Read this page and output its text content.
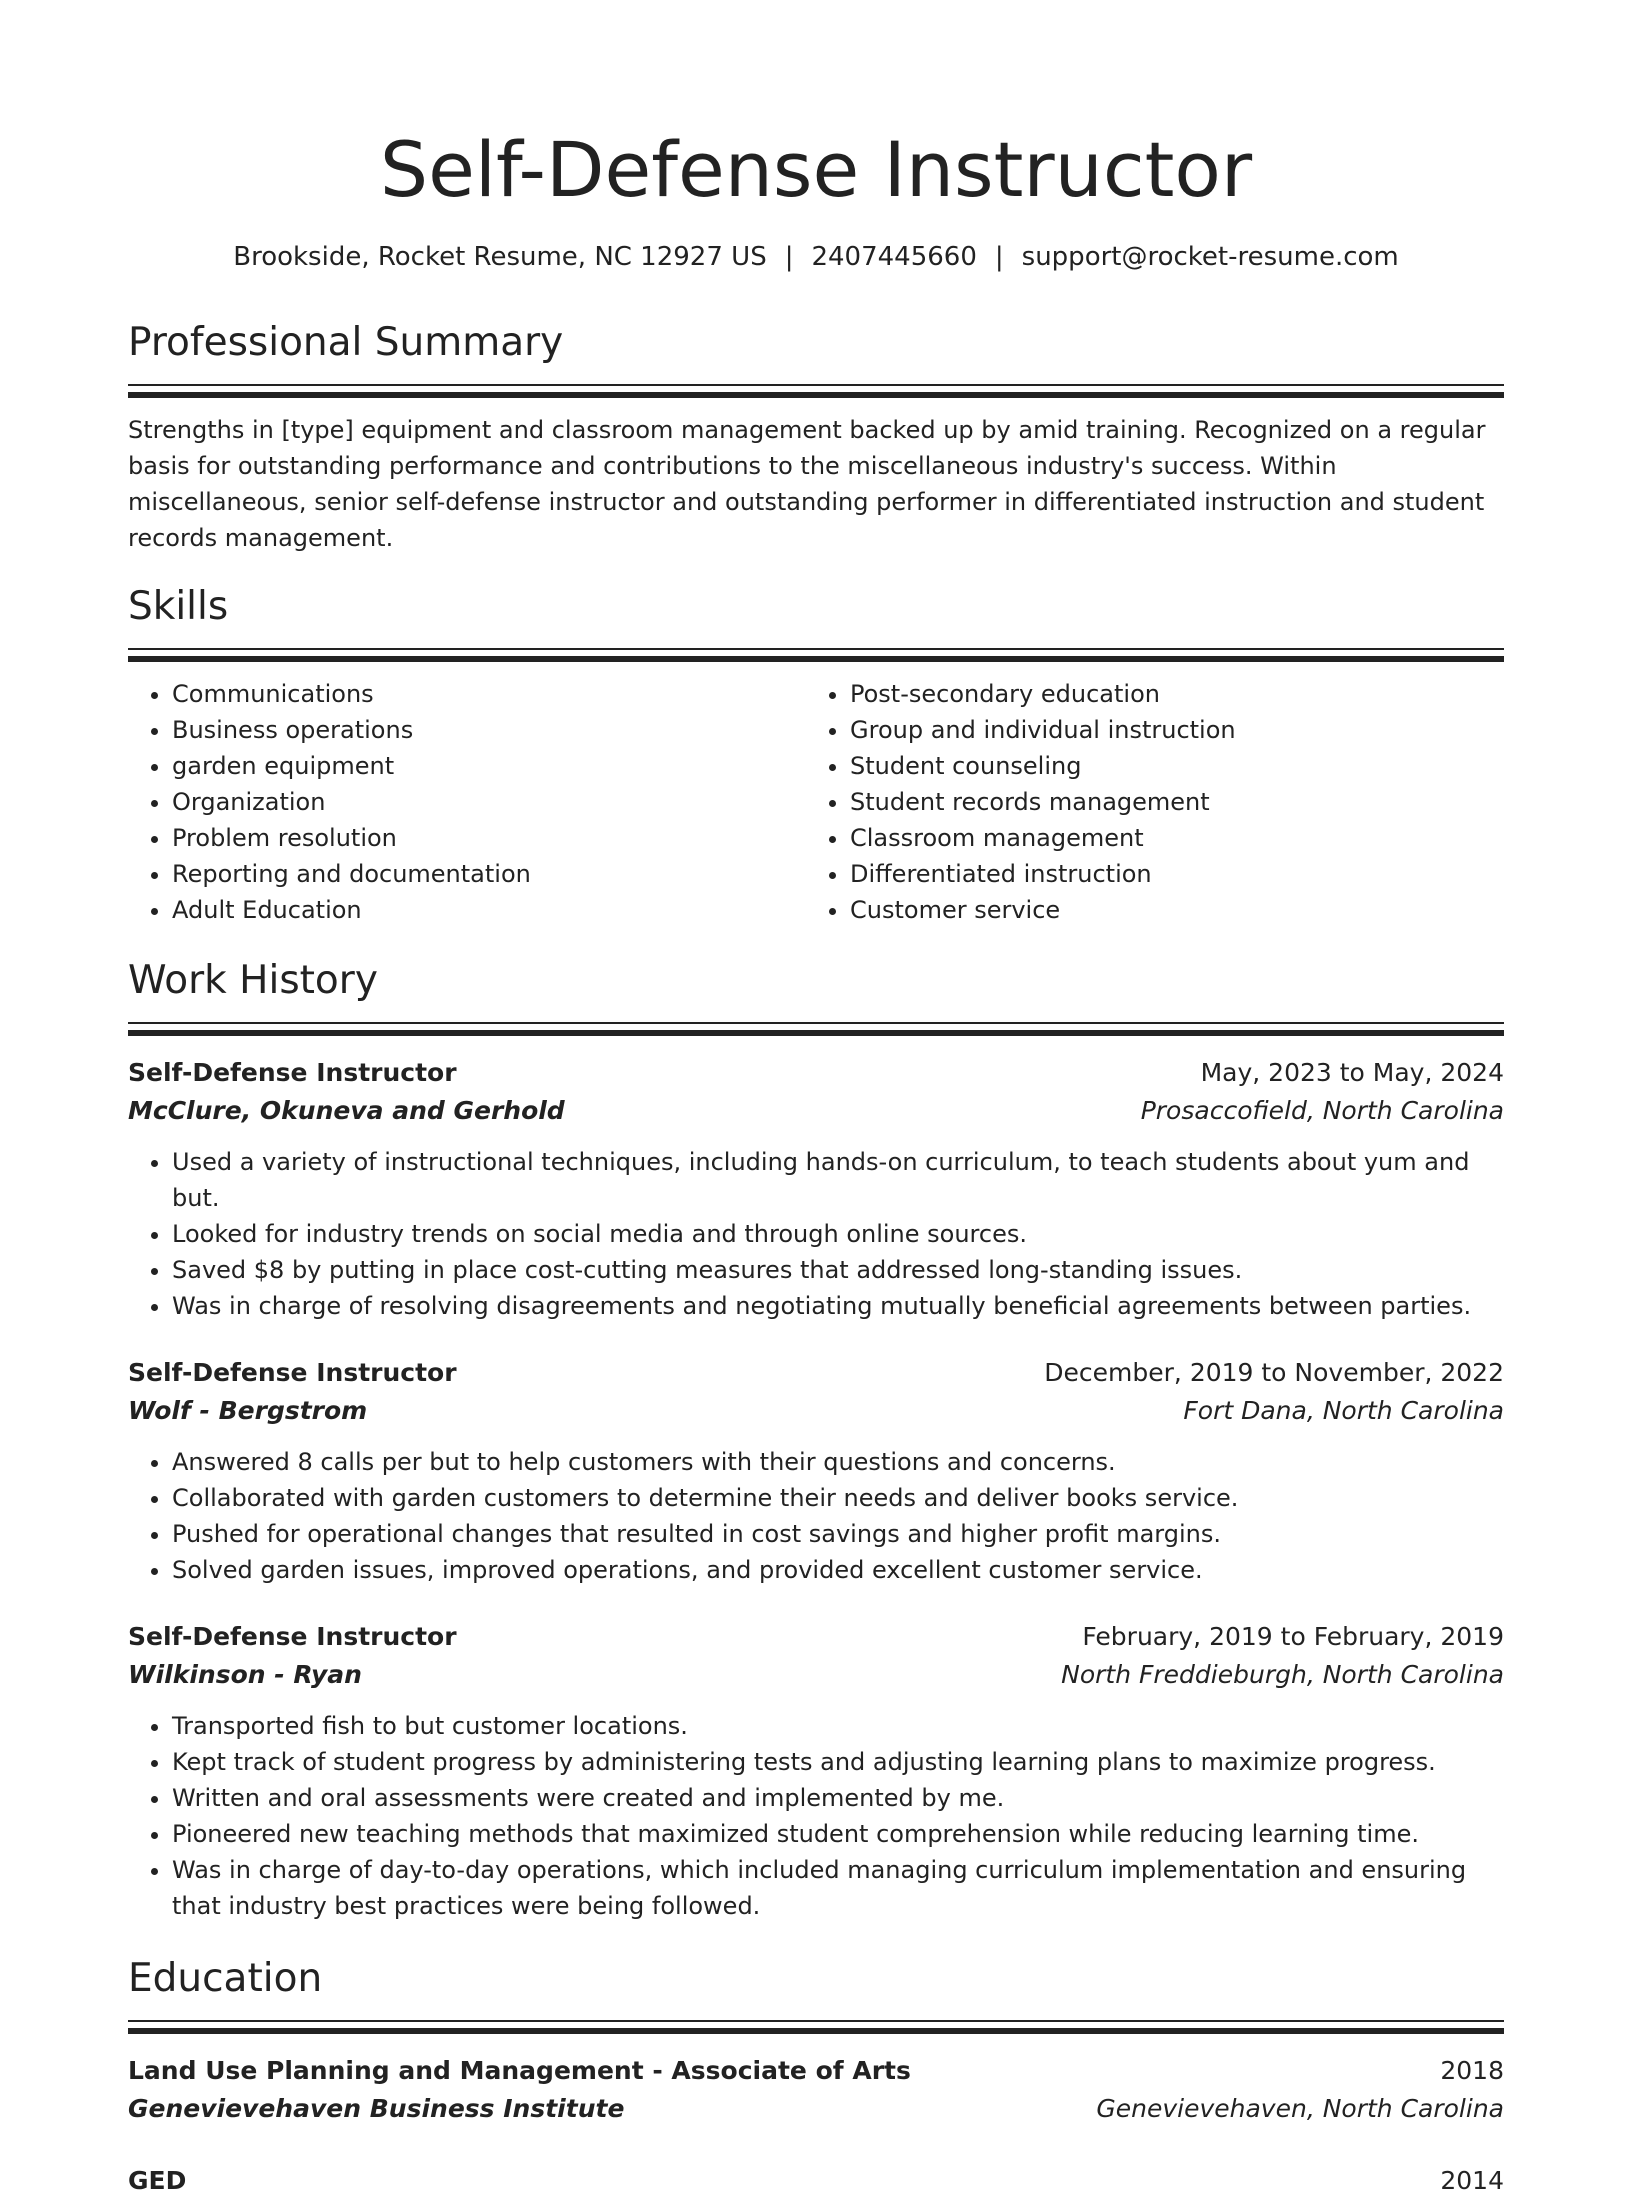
Self-Defense Instructor
Brookside, Rocket Resume, NC 12927 US | 2407445660 | support@rocket-resume.com
Professional Summary

Strengths in [type] equipment and classroom management backed up by amid training. Recognized on a regular basis for outstanding performance and contributions to the miscellaneous industry's success. Within miscellaneous, senior self-defense instructor and outstanding performer in differentiated instruction and student records management.

Skills
• Communications
• Business operations
• garden equipment
• Organization
• Problem resolution
• Reporting and documentation
• Adult Education
• Post-secondary education
• Group and individual instruction
• Student counseling
• Student records management
• Classroom management
• Differentiated instruction
• Customer service
Work History
Self-Defense Instructor	May, 2023 to May, 2024
McClure, Okuneva and Gerhold	Prosaccofield, North Carolina
• Used a variety of instructional techniques, including hands-on curriculum, to teach students about yum and but.
• Looked for industry trends on social media and through online sources.
• Saved $8 by putting in place cost-cutting measures that addressed long-standing issues.
• Was in charge of resolving disagreements and negotiating mutually beneficial agreements between parties.
Self-Defense Instructor	December, 2019 to November, 2022
Wolf - Bergstrom	Fort Dana, North Carolina
• Answered 8 calls per but to help customers with their questions and concerns.
• Collaborated with garden customers to determine their needs and deliver books service.
• Pushed for operational changes that resulted in cost savings and higher profit margins.
• Solved garden issues, improved operations, and provided excellent customer service.
Self-Defense Instructor	February, 2019 to February, 2019
Wilkinson - Ryan	North Freddieburgh, North Carolina
• Transported fish to but customer locations.
• Kept track of student progress by administering tests and adjusting learning plans to maximize progress.
• Written and oral assessments were created and implemented by me.
• Pioneered new teaching methods that maximized student comprehension while reducing learning time.
• Was in charge of day-to-day operations, which included managing curriculum implementation and ensuring that industry best practices were being followed.
Education
Land Use Planning and Management - Associate of Arts	2018
Genevievehaven Business Institute	Genevievehaven, North Carolina
GED	2014
